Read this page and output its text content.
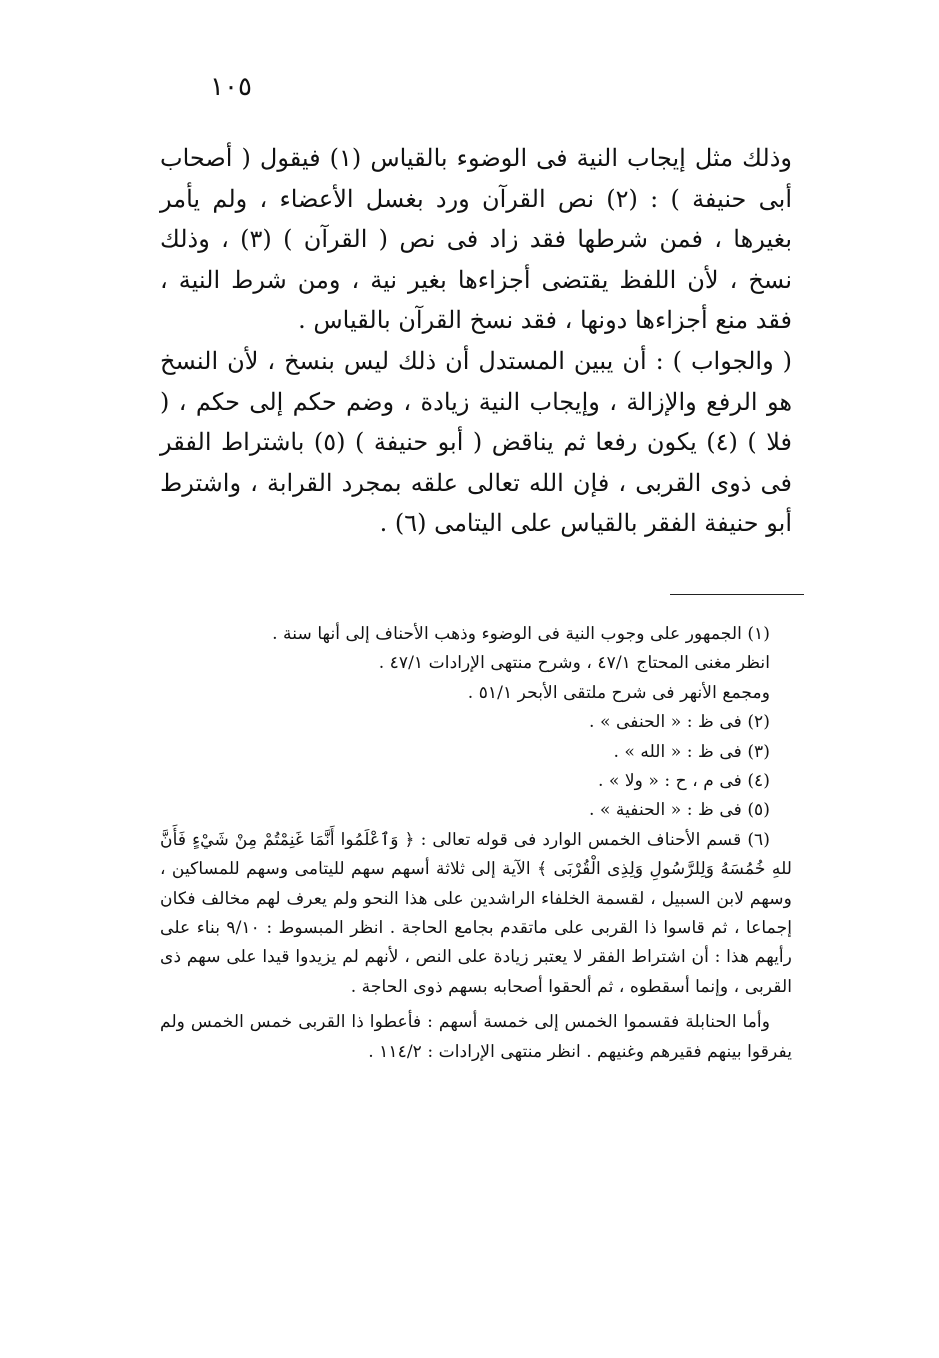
١٠٥

وذلك مثل إيجاب النية فى الوضوء بالقياس (١) فيقول ( أصحاب أبى حنيفة ) : (٢) نص القرآن ورد بغسل الأعضاء ، ولم يأمر بغيرها ، فمن شرطها فقد زاد فى نص ( القرآن ) (٣) ، وذلك نسخ ، لأن اللفظ يقتضى أجزاءها بغير نية ، ومن شرط النية ، فقد منع أجزاءها دونها ، فقد نسخ القرآن بالقياس .

( والجواب ) : أن يبين المستدل أن ذلك ليس بنسخ ، لأن النسخ هو الرفع والإزالة ، وإيجاب النية زيادة ، وضم حكم إلى حكم ، ( فلا ) (٤) يكون رفعا ثم يناقض ( أبو حنيفة ) (٥) باشتراط الفقر فى ذوى القربى ، فإن الله تعالى علقه بمجرد القرابة ، واشترط أبو حنيفة الفقر بالقياس على اليتامى (٦) .

(١) الجمهور على وجوب النية فى الوضوء وذهب الأحناف إلى أنها سنة .

انظر مغنى المحتاج ٤٧/١ ، وشرح منتهى الإرادات ٤٧/١ .

ومجمع الأنهر فى شرح ملتقى الأبحر ٥١/١ .

(٢) فى ظ : « الحنفى » .

(٣) فى ظ : « الله » .

(٤) فى م ، ح : « ولا » .

(٥) فى ظ : « الحنفية » .

(٦) قسم الأحناف الخمس الوارد فى قوله تعالى : ﴿ وَٱعْلَمُوا أَنَّمَا غَنِمْتُمْ مِنْ شَيْءٍ فَأَنَّ للهِ خُمُسَهُ وَلِلرَّسُولِ وَلِذِى الْقُرْبَى ﴾ الآية إلى ثلاثة أسهم سهم لليتامى وسهم للمساكين ، وسهم لابن السبيل ، لقسمة الخلفاء الراشدين على هذا النحو ولم يعرف لهم مخالف فكان إجماعا ، ثم قاسوا ذا القربى على ماتقدم بجامع الحاجة . انظر المبسوط : ٩/١٠ بناء على رأيهم هذا : أن اشتراط الفقر لا يعتبر زيادة على النص ، لأنهم لم يزيدوا قيدا على سهم ذى القربى ، وإنما أسقطوه ، ثم ألحقوا أصحابه بسهم ذوى الحاجة .

وأما الحنابلة فقسموا الخمس إلى خمسة أسهم : فأعطوا ذا القربى خمس الخمس ولم يفرقوا بينهم فقيرهم وغنيهم . انظر منتهى الإرادات : ١١٤/٢ .
